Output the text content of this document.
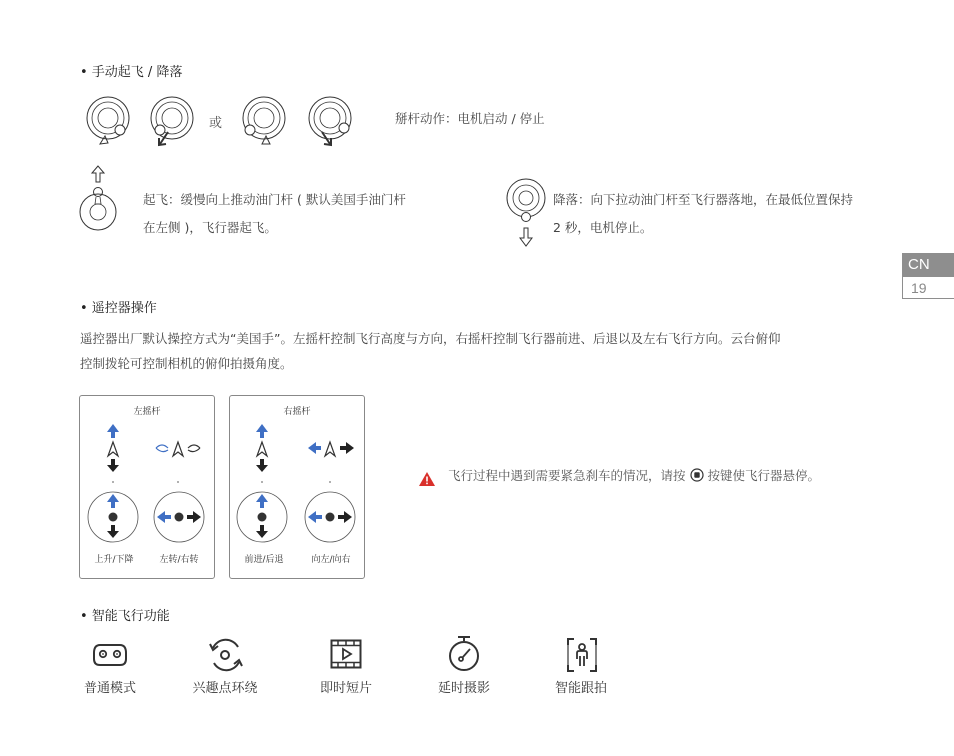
• 手动起飞 / 降落
或	掰杆动作：电机启动 / 停止
起飞：缓慢向上推动油门杆 ( 默认美国手油门杆
在左侧 )，飞行器起飞。
降落：向下拉动油门杆至飞行器落地，在最低位置保持
2 秒，电机停止。
CN
19
• 遥控器操作
遥控器出厂默认操控方式为“美国手”。左摇杆控制飞行高度与方向，右摇杆控制飞行器前进、后退以及左右飞行方向。云台俯仰
控制拨轮可控制相机的俯仰拍摄角度。
左摇杆
上升/下降	左转/右转
右摇杆
前进/后退	向左/向右
飞行过程中遇到需要紧急刹车的情况，请按 按键使飞行器悬停。
• 智能飞行功能
普通模式	兴趣点环绕	即时短片	延时摄影	智能跟拍
